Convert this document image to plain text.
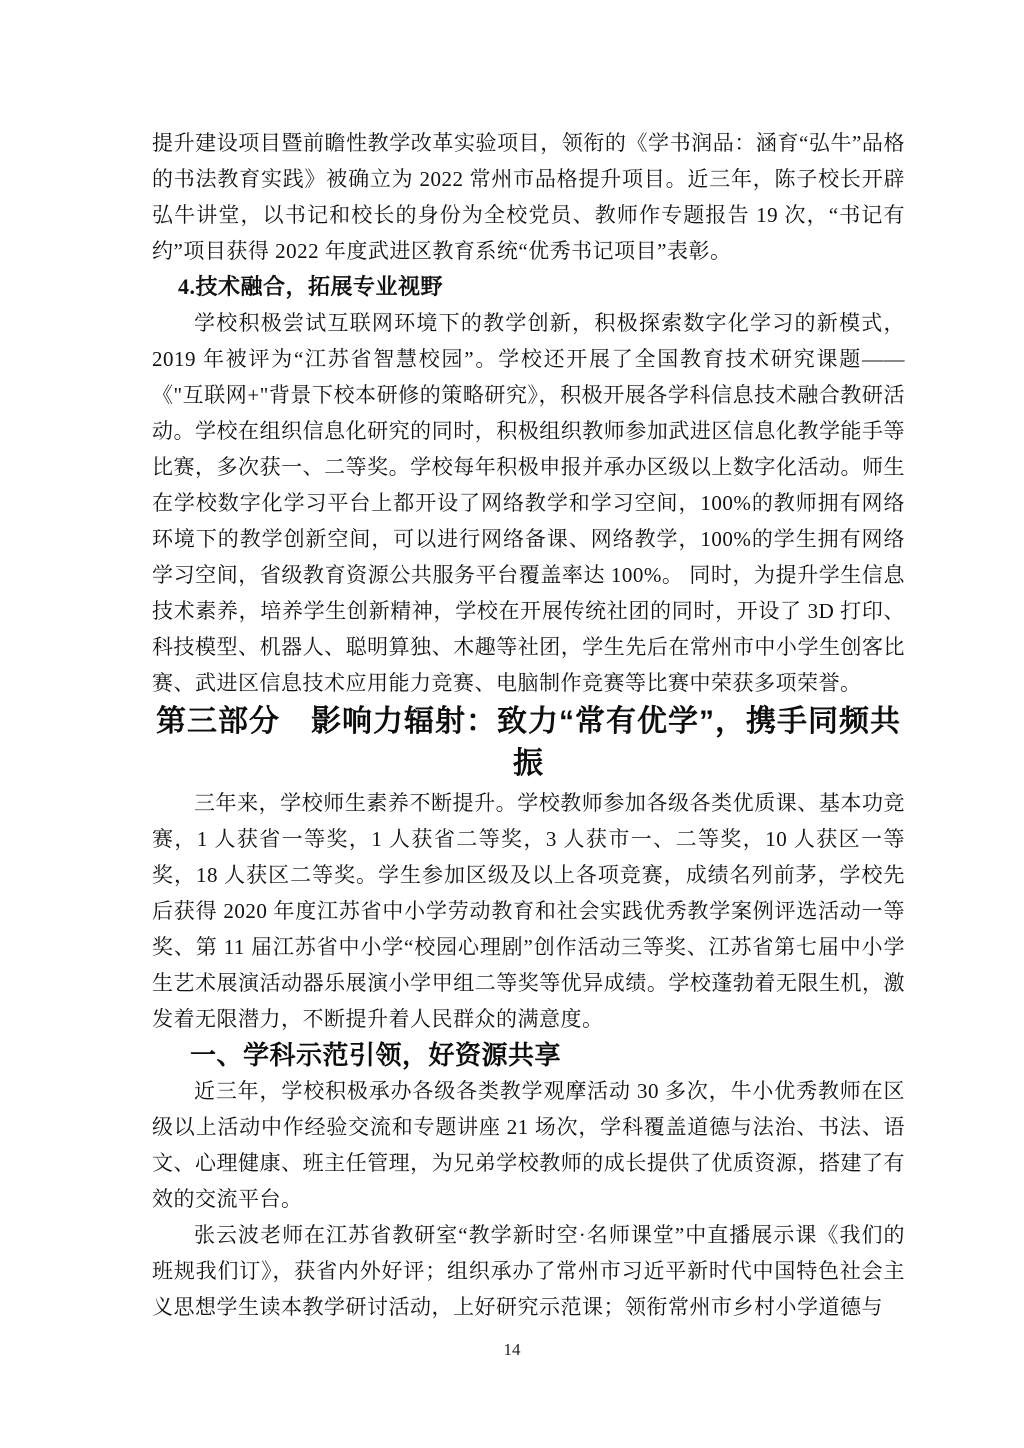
提升建设项目暨前瞻性教学改革实验项目，领衔的《学书润品：涵育“弘牛”品格的书法教育实践》被确立为 2022 常州市品格提升项目。近三年，陈子校长开辟弘牛讲堂，以书记和校长的身份为全校党员、教师作专题报告 19 次，“书记有约”项目获得 2022 年度武进区教育系统“优秀书记项目”表彰。

4.技术融合，拓展专业视野

学校积极尝试互联网环境下的教学创新，积极探索数字化学习的新模式，2019 年被评为“江苏省智慧校园”。学校还开展了全国教育技术研究课题——《"互联网+"背景下校本研修的策略研究》，积极开展各学科信息技术融合教研活动。学校在组织信息化研究的同时，积极组织教师参加武进区信息化教学能手等比赛，多次获一、二等奖。学校每年积极申报并承办区级以上数字化活动。师生在学校数字化学习平台上都开设了网络教学和学习空间，100%的教师拥有网络环境下的教学创新空间，可以进行网络备课、网络教学，100%的学生拥有网络学习空间，省级教育资源公共服务平台覆盖率达 100%。 同时，为提升学生信息技术素养，培养学生创新精神，学校在开展传统社团的同时，开设了 3D 打印、科技模型、机器人、聪明算独、木趣等社团，学生先后在常州市中小学生创客比赛、武进区信息技术应用能力竞赛、电脑制作竞赛等比赛中荣获多项荣誉。

第三部分　影响力辐射：致力“常有优学”，携手同频共振

三年来，学校师生素养不断提升。学校教师参加各级各类优质课、基本功竞赛，1 人获省一等奖，1 人获省二等奖，3 人获市一、二等奖，10 人获区一等奖，18 人获区二等奖。学生参加区级及以上各项竞赛，成绩名列前茅，学校先后获得 2020 年度江苏省中小学劳动教育和社会实践优秀教学案例评选活动一等奖、第 11 届江苏省中小学“校园心理剧”创作活动三等奖、江苏省第七届中小学生艺术展演活动器乐展演小学甲组二等奖等优异成绩。学校蓬勃着无限生机，激发着无限潜力，不断提升着人民群众的满意度。

一、学科示范引领，好资源共享

近三年，学校积极承办各级各类教学观摩活动 30 多次，牛小优秀教师在区级以上活动中作经验交流和专题讲座 21 场次，学科覆盖道德与法治、书法、语文、心理健康、班主任管理，为兄弟学校教师的成长提供了优质资源，搭建了有效的交流平台。

张云波老师在江苏省教研室“教学新时空·名师课堂”中直播展示课《我们的班规我们订》，获省内外好评；组织承办了常州市习近平新时代中国特色社会主义思想学生读本教学研讨活动，上好研究示范课；领衔常州市乡村小学道德与

14
